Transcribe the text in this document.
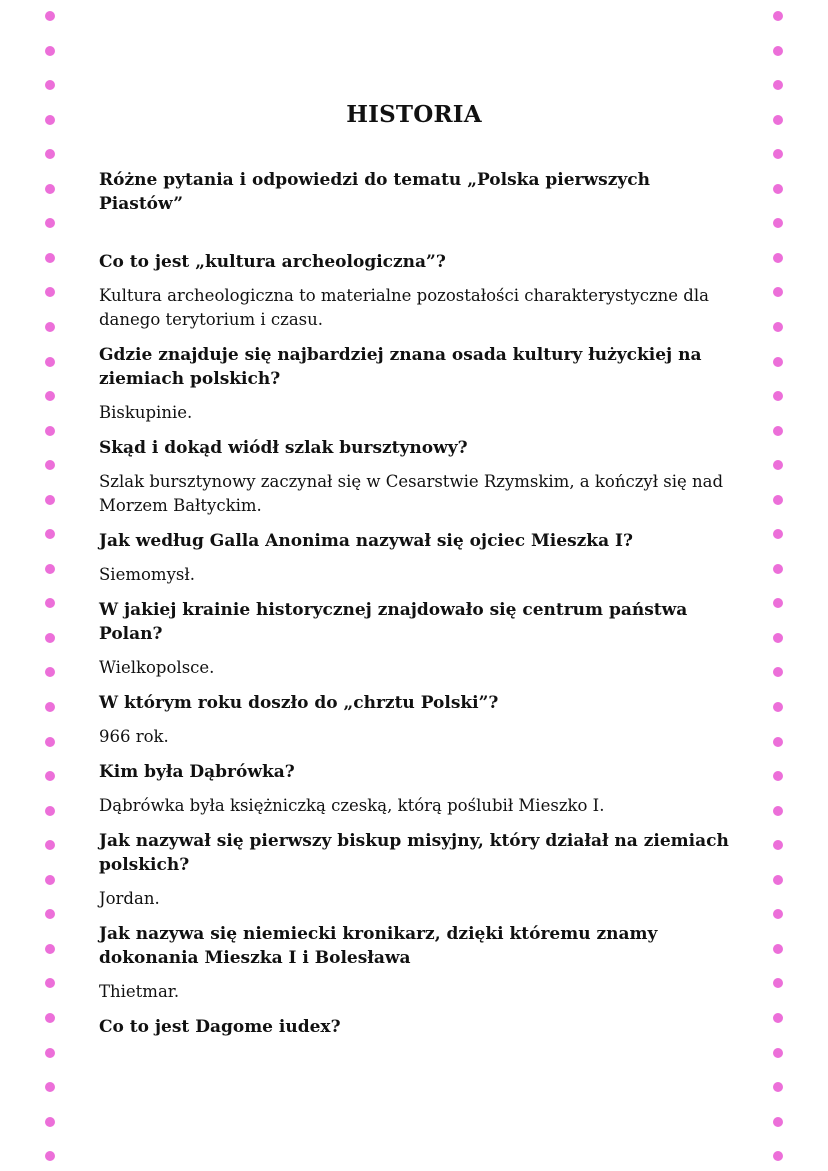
HISTORIA

Różne pytania i odpowiedzi do tematu „Polska pierwszych Piastów”

Co to jest „kultura archeologiczna”?

Kultura archeologiczna to materialne pozostałości charakterystyczne dla danego terytorium i czasu.

Gdzie znajduje się najbardziej znana osada kultury łużyckiej na ziemiach polskich?

Biskupinie.

Skąd i dokąd wiódł szlak bursztynowy?

Szlak bursztynowy zaczynał się w Cesarstwie Rzymskim, a kończył się nad Morzem Bałtyckim.

Jak według Galla Anonima nazywał się ojciec Mieszka I?

Siemomysł.

W jakiej krainie historycznej znajdowało się centrum państwa Polan?

Wielkopolsce.

W którym roku doszło do „chrztu Polski”?

966 rok.

Kim była Dąbrówka?

Dąbrówka była księżniczką czeską, którą poślubił Mieszko I.

Jak nazywał się pierwszy biskup misyjny, który działał na ziemiach polskich?

Jordan.

Jak nazywa się niemiecki kronikarz, dzięki któremu znamy dokonania Mieszka I i Bolesława

Thietmar.

Co to jest Dagome iudex?
